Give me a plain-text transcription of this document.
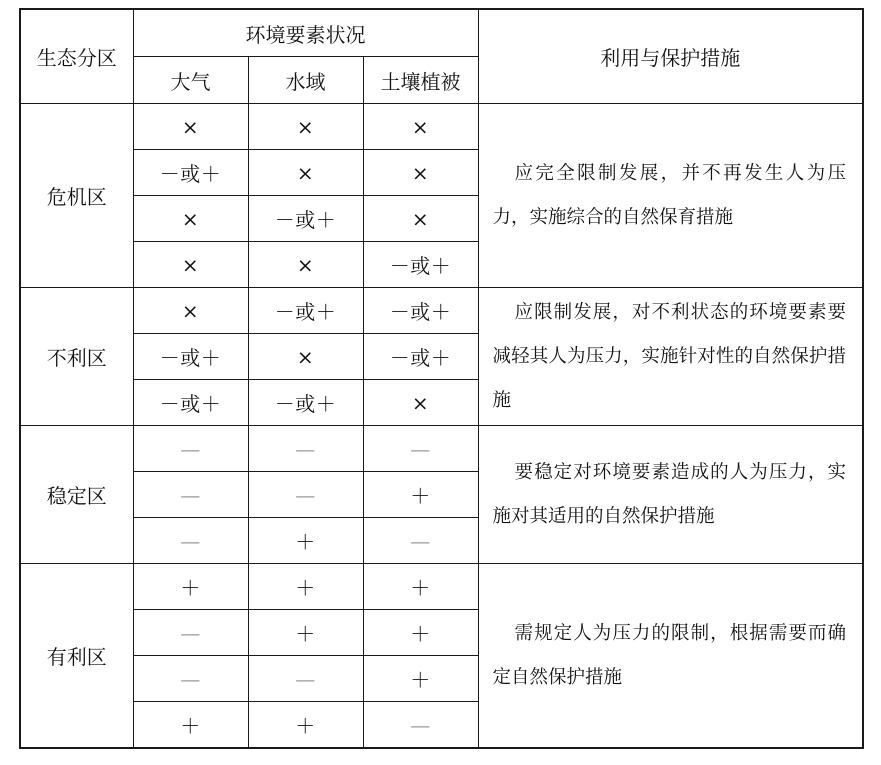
生态分区	环境要素状况			利用与保护措施
	大气	水域	土壤植被	
危机区	×	×	×	应完全限制发展，并不再发生人为压力，实施综合的自然保育措施
	－或＋	×	×	
	×	－或＋	×	
	×	×	－或＋	
不利区	×	－或＋	－或＋	应限制发展，对不利状态的环境要素要减轻其人为压力，实施针对性的自然保护措施
	－或＋	×	－或＋	
	－或＋	－或＋	×	
稳定区	—	—	—	要稳定对环境要素造成的人为压力，实施对其适用的自然保护措施
	—	—	＋	
	—	＋	—	
有利区	＋	＋	＋	需规定人为压力的限制，根据需要而确定自然保护措施
	—	＋	＋	
	—	—	＋	
	＋	＋	—	
